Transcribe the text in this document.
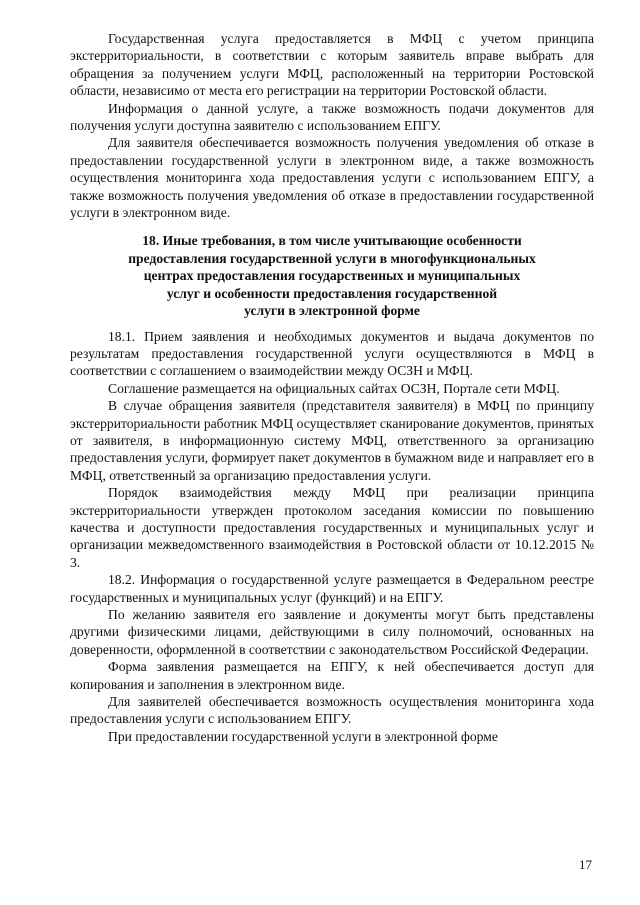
Государственная услуга предоставляется в МФЦ с учетом принципа экстерриториальности, в соответствии с которым заявитель вправе выбрать для обращения за получением услуги МФЦ, расположенный на территории Ростовской области, независимо от места его регистрации на территории Ростовской области.

Информация о данной услуге, а также возможность подачи документов для получения услуги доступна заявителю с использованием ЕПГУ.

Для заявителя обеспечивается возможность получения уведомления об отказе в предоставлении государственной услуги в электронном виде, а также возможность осуществления мониторинга хода предоставления услуги с использованием ЕПГУ, а также возможность получения уведомления об отказе в предоставлении государственной услуги в электронном виде.

18. Иные требования, в том числе учитывающие особенности
предоставления государственной услуги в многофункциональных
центрах предоставления государственных и муниципальных
услуг и особенности предоставления государственной
услуги в электронной форме

18.1. Прием заявления и необходимых документов и выдача документов по результатам предоставления государственной услуги осуществляются в МФЦ в соответствии с соглашением о взаимодействии между ОСЗН и МФЦ.

Соглашение размещается на официальных сайтах ОСЗН, Портале сети МФЦ.

В случае обращения заявителя (представителя заявителя) в МФЦ по принципу экстерриториальности работник МФЦ осуществляет сканирование документов, принятых от заявителя, в информационную систему МФЦ, ответственного за организацию предоставления услуги, формирует пакет документов в бумажном виде и направляет его в МФЦ, ответственный за организацию предоставления услуги.

Порядок взаимодействия между МФЦ при реализации принципа экстерриториальности утвержден протоколом заседания комиссии по повышению качества и доступности предоставления государственных и муниципальных услуг и организации межведомственного взаимодействия в Ростовской области от 10.12.2015 № 3.

18.2. Информация о государственной услуге размещается в Федеральном реестре государственных и муниципальных услуг (функций) и на ЕПГУ.

По желанию заявителя его заявление и документы могут быть представлены другими физическими лицами, действующими в силу полномочий, основанных на доверенности, оформленной в соответствии с законодательством Российской Федерации.

Форма заявления размещается на ЕПГУ, к ней обеспечивается доступ для копирования и заполнения в электронном виде.

Для заявителей обеспечивается возможность осуществления мониторинга хода предоставления услуги с использованием ЕПГУ.

При предоставлении государственной услуги в электронной форме

17
